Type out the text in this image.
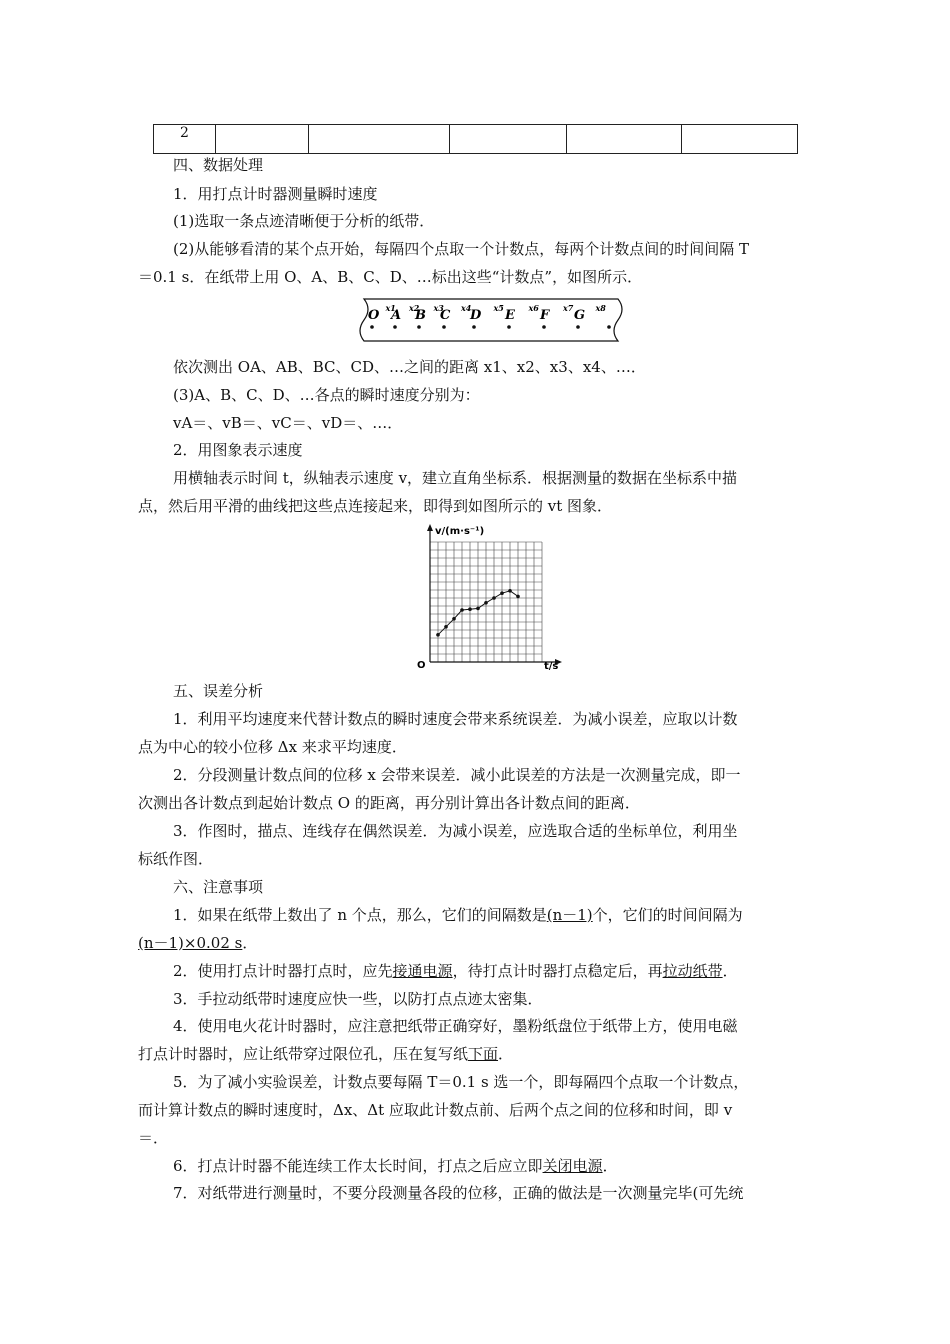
2					
四、数据处理
1．用打点计时器测量瞬时速度
(1)选取一条点迹清晰便于分析的纸带．
(2)从能够看清的某个点开始，每隔四个点取一个计数点，每两个计数点间的时间间隔 T
＝0.1 s．在纸带上用 O、A、B、C、D、…标出这些“计数点”，如图所示．
O A B C D E F G
x1 x2 x3 x4	x5	x6	x7	x8
依次测出 OA、AB、BC、CD、…之间的距离 x1、x2、x3、x4、…．
(3)A、B、C、D、…各点的瞬时速度分别为：
vA＝、vB＝、vC＝、vD＝、…．
2．用图象表示速度
用横轴表示时间 t，纵轴表示速度 v，建立直角坐标系．根据测量的数据在坐标系中描
点，然后用平滑的曲线把这些点连接起来，即得到如图所示的 vt 图象．
v/(m·s⁻¹)
O	t/s
五、误差分析
1．利用平均速度来代替计数点的瞬时速度会带来系统误差．为减小误差，应取以计数
点为中心的较小位移 Δx 来求平均速度．
2．分段测量计数点间的位移 x 会带来误差．减小此误差的方法是一次测量完成，即一
次测出各计数点到起始计数点 O 的距离，再分别计算出各计数点间的距离．
3．作图时，描点、连线存在偶然误差．为减小误差，应选取合适的坐标单位，利用坐
标纸作图．
六、注意事项
1．如果在纸带上数出了 n 个点，那么，它们的间隔数是(n－1)个，它们的时间间隔为
(n－1)×0.02 s．
2．使用打点计时器打点时，应先接通电源，待打点计时器打点稳定后，再拉动纸带．
3．手拉动纸带时速度应快一些，以防打点点迹太密集．
4．使用电火花计时器时，应注意把纸带正确穿好，墨粉纸盘位于纸带上方，使用电磁
打点计时器时，应让纸带穿过限位孔，压在复写纸下面．
5．为了减小实验误差，计数点要每隔 T＝0.1 s 选一个，即每隔四个点取一个计数点，
而计算计数点的瞬时速度时，Δx、Δt 应取此计数点前、后两个点之间的位移和时间，即 v
＝．
6．打点计时器不能连续工作太长时间，打点之后应立即关闭电源．
7．对纸带进行测量时，不要分段测量各段的位移，正确的做法是一次测量完毕(可先统
